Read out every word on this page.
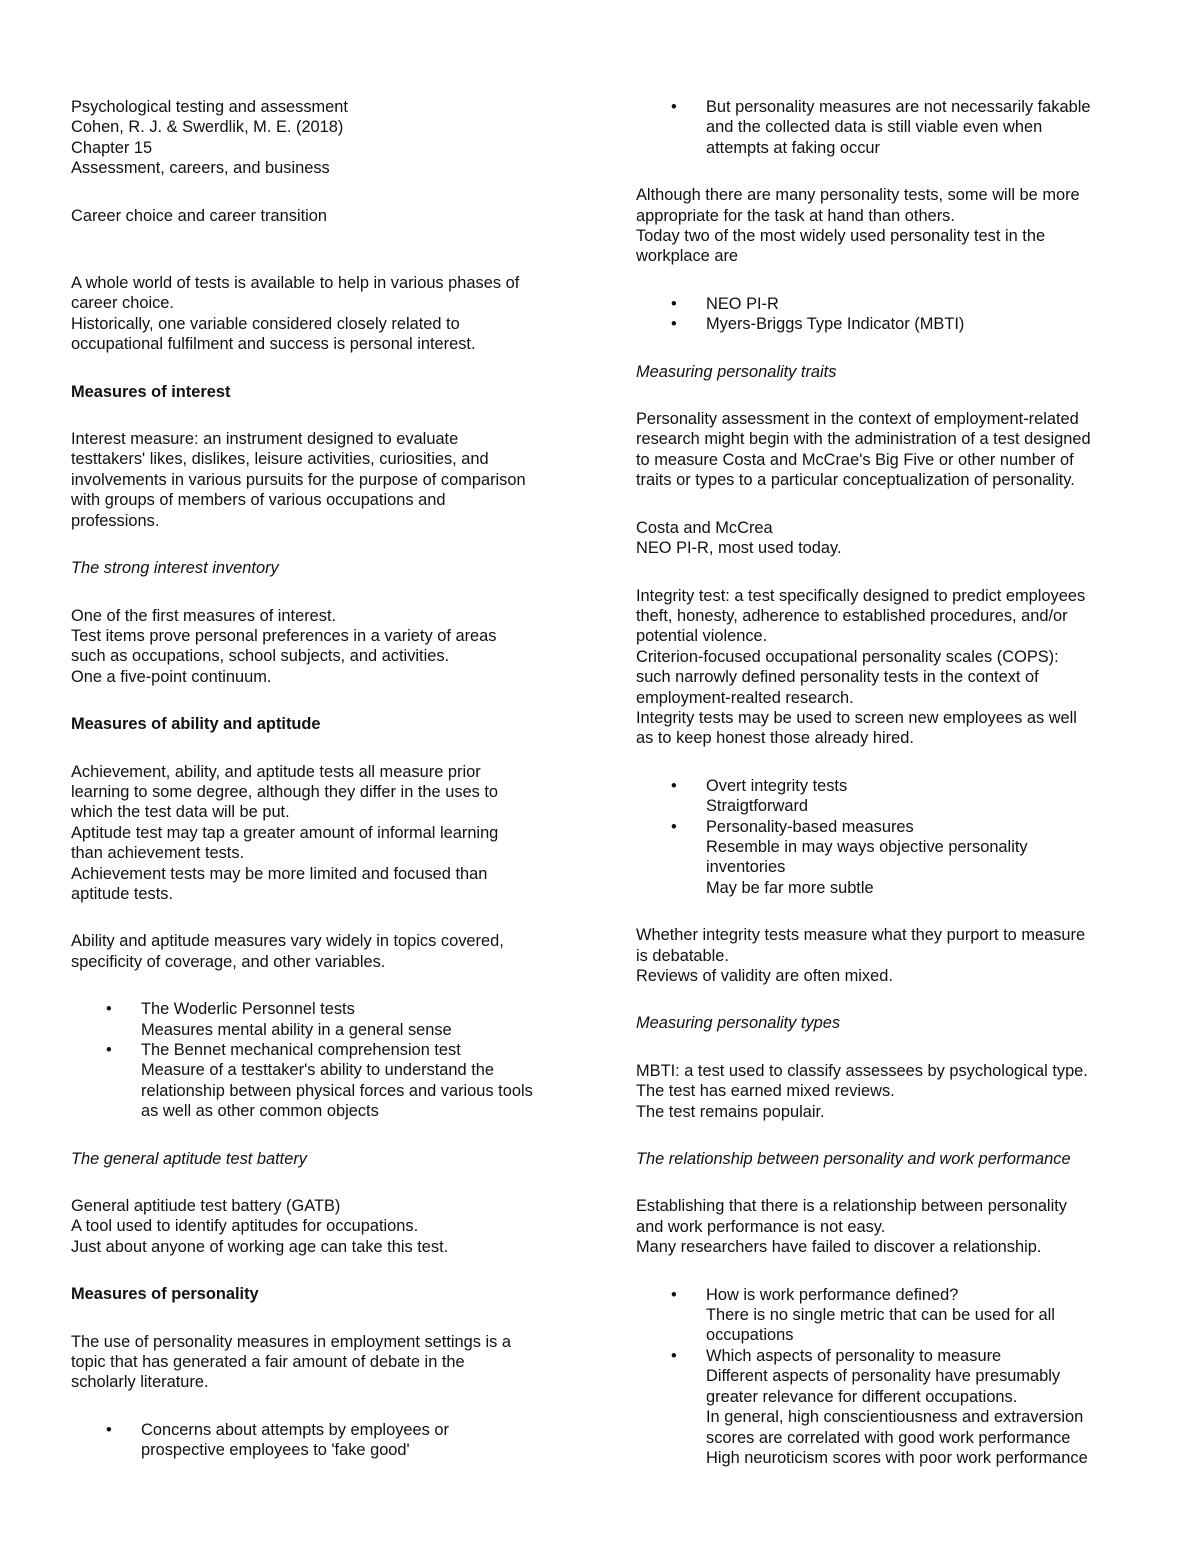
Psychological testing and assessment
Cohen, R. J. & Swerdlik, M. E. (2018)
Chapter 15
Assessment, careers, and business

Career choice and career transition

A whole world of tests is available to help in various phases of
career choice.
Historically, one variable considered closely related to
occupational fulfilment and success is personal interest.

Measures of interest

Interest measure: an instrument designed to evaluate
testtakers' likes, dislikes, leisure activities, curiosities, and
involvements in various pursuits for the purpose of comparison
with groups of members of various occupations and
professions.

The strong interest inventory

One of the first measures of interest.
Test items prove personal preferences in a variety of areas
such as occupations, school subjects, and activities.
One a five-point continuum.

Measures of ability and aptitude

Achievement, ability, and aptitude tests all measure prior
learning to some degree, although they differ in the uses to
which the test data will be put.
Aptitude test may tap a greater amount of informal learning
than achievement tests.
Achievement tests may be more limited and focused than
aptitude tests.

Ability and aptitude measures vary widely in topics covered,
specificity of coverage, and other variables.

• The Woderlic Personnel tests
Measures mental ability in a general sense
• The Bennet mechanical comprehension test
Measure of a testtaker's ability to understand the
relationship between physical forces and various tools
as well as other common objects

The general aptitude test battery

General aptitiude test battery (GATB)
A tool used to identify aptitudes for occupations.
Just about anyone of working age can take this test.

Measures of personality

The use of personality measures in employment settings is a
topic that has generated a fair amount of debate in the
scholarly literature.

• Concerns about attempts by employees or
prospective employees to 'fake good'
• But personality measures are not necessarily fakable
and the collected data is still viable even when
attempts at faking occur

Although there are many personality tests, some will be more
appropriate for the task at hand than others.
Today two of the most widely used personality test in the
workplace are

• NEO PI-R
• Myers-Briggs Type Indicator (MBTI)

Measuring personality traits

Personality assessment in the context of employment-related
research might begin with the administration of a test designed
to measure Costa and McCrae's Big Five or other number of
traits or types to a particular conceptualization of personality.

Costa and McCrea
NEO PI-R, most used today.

Integrity test: a test specifically designed to predict employees
theft, honesty, adherence to established procedures, and/or
potential violence.
Criterion-focused occupational personality scales (COPS):
such narrowly defined personality tests in the context of
employment-realted research.
Integrity tests may be used to screen new employees as well
as to keep honest those already hired.

• Overt integrity tests
Straigtforward
• Personality-based measures
Resemble in may ways objective personality
inventories
May be far more subtle

Whether integrity tests measure what they purport to measure
is debatable.
Reviews of validity are often mixed.

Measuring personality types

MBTI: a test used to classify assessees by psychological type.
The test has earned mixed reviews.
The test remains populair.

The relationship between personality and work performance

Establishing that there is a relationship between personality
and work performance is not easy.
Many researchers have failed to discover a relationship.

• How is work performance defined?
There is no single metric that can be used for all
occupations
• Which aspects of personality to measure
Different aspects of personality have presumably
greater relevance for different occupations.
In general, high conscientiousness and extraversion
scores are correlated with good work performance
High neuroticism scores with poor work performance
